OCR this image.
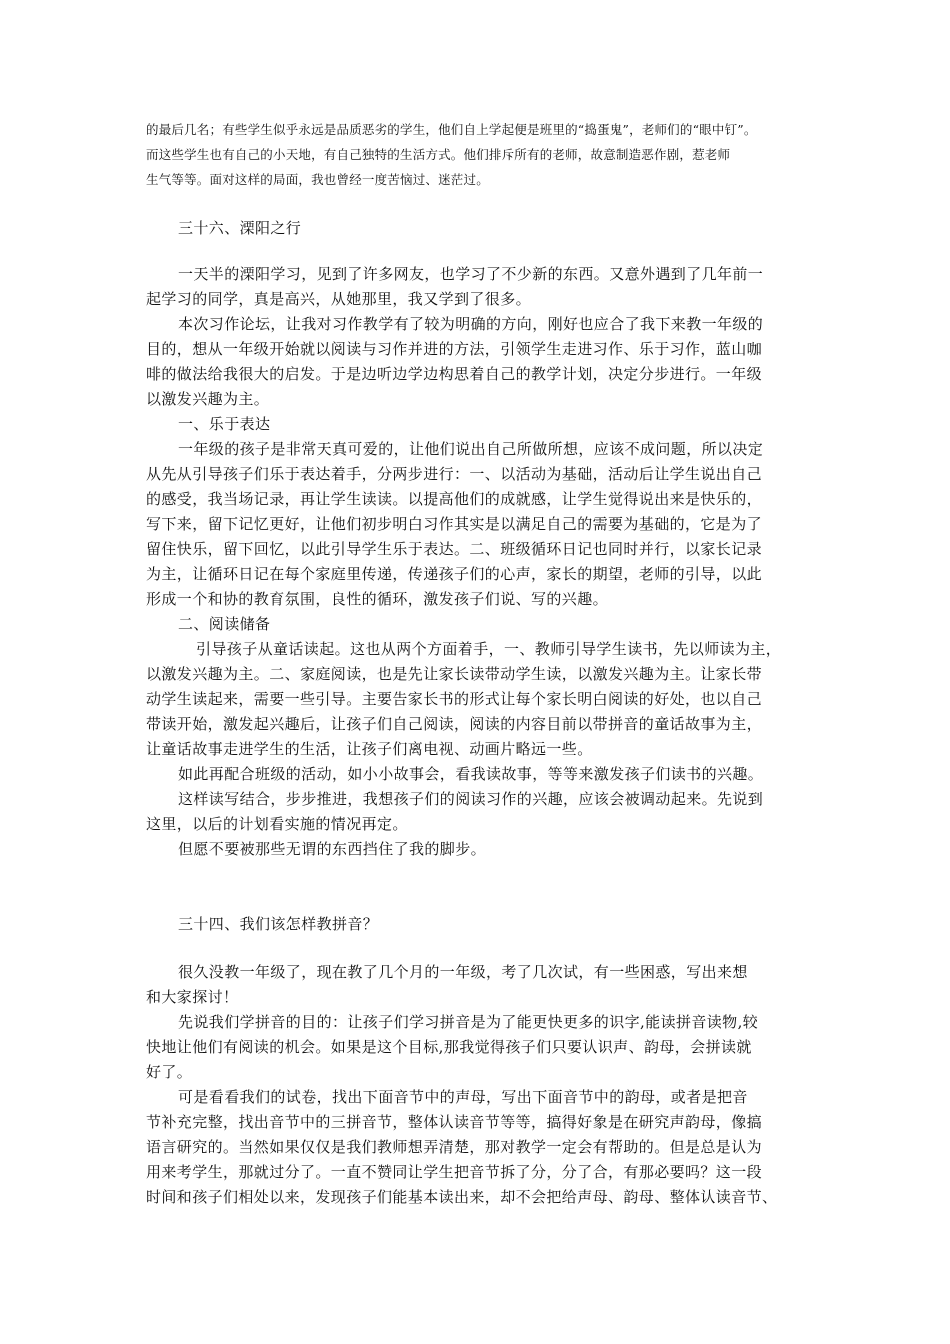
的最后几名；有些学生似乎永远是品质恶劣的学生，他们自上学起便是班里的“捣蛋鬼”，老师们的“眼中钉”。
而这些学生也有自己的小天地，有自己独特的生活方式。他们排斥所有的老师，故意制造恶作剧，惹老师
生气等等。面对这样的局面，我也曾经一度苦恼过、迷茫过。
三十六、溧阳之行
一天半的溧阳学习，见到了许多网友，也学习了不少新的东西。又意外遇到了几年前一
起学习的同学，真是高兴，从她那里，我又学到了很多。
本次习作论坛，让我对习作教学有了较为明确的方向，刚好也应合了我下来教一年级的
目的，想从一年级开始就以阅读与习作并进的方法，引领学生走进习作、乐于习作，蓝山咖
啡的做法给我很大的启发。于是边听边学边构思着自己的教学计划，决定分步进行。一年级
以激发兴趣为主。
一、乐于表达
一年级的孩子是非常天真可爱的，让他们说出自己所做所想，应该不成问题，所以决定
从先从引导孩子们乐于表达着手，分两步进行：一、以活动为基础，活动后让学生说出自己
的感受，我当场记录，再让学生读读。以提高他们的成就感，让学生觉得说出来是快乐的，
写下来，留下记忆更好，让他们初步明白习作其实是以满足自己的需要为基础的，它是为了
留住快乐，留下回忆，以此引导学生乐于表达。二、班级循环日记也同时并行，以家长记录
为主，让循环日记在每个家庭里传递，传递孩子们的心声，家长的期望，老师的引导，以此
形成一个和协的教育氛围，良性的循环，激发孩子们说、写的兴趣。
二、阅读储备
引导孩子从童话读起。这也从两个方面着手，一、教师引导学生读书，先以师读为主，
以激发兴趣为主。二、家庭阅读，也是先让家长读带动学生读，以激发兴趣为主。让家长带
动学生读起来，需要一些引导。主要告家长书的形式让每个家长明白阅读的好处，也以自己
带读开始，激发起兴趣后，让孩子们自己阅读，阅读的内容目前以带拼音的童话故事为主，
让童话故事走进学生的生活，让孩子们离电视、动画片略远一些。
如此再配合班级的活动，如小小故事会，看我读故事，等等来激发孩子们读书的兴趣。
这样读写结合，步步推进，我想孩子们的阅读习作的兴趣，应该会被调动起来。先说到
这里，以后的计划看实施的情况再定。
但愿不要被那些无谓的东西挡住了我的脚步。
三十四、我们该怎样教拼音？
很久没教一年级了，现在教了几个月的一年级，考了几次试，有一些困惑，写出来想
和大家探讨！
先说我们学拼音的目的：让孩子们学习拼音是为了能更快更多的识字,能读拼音读物,较
快地让他们有阅读的机会。如果是这个目标,那我觉得孩子们只要认识声、韵母，会拼读就
好了。
可是看看我们的试卷，找出下面音节中的声母，写出下面音节中的韵母，或者是把音
节补充完整，找出音节中的三拼音节，整体认读音节等等，搞得好象是在研究声韵母，像搞
语言研究的。当然如果仅仅是我们教师想弄清楚，那对教学一定会有帮助的。但是总是认为
用来考学生，那就过分了。一直不赞同让学生把音节拆了分，分了合，有那必要吗？这一段
时间和孩子们相处以来，发现孩子们能基本读出来，却不会把给声母、韵母、整体认读音节、
